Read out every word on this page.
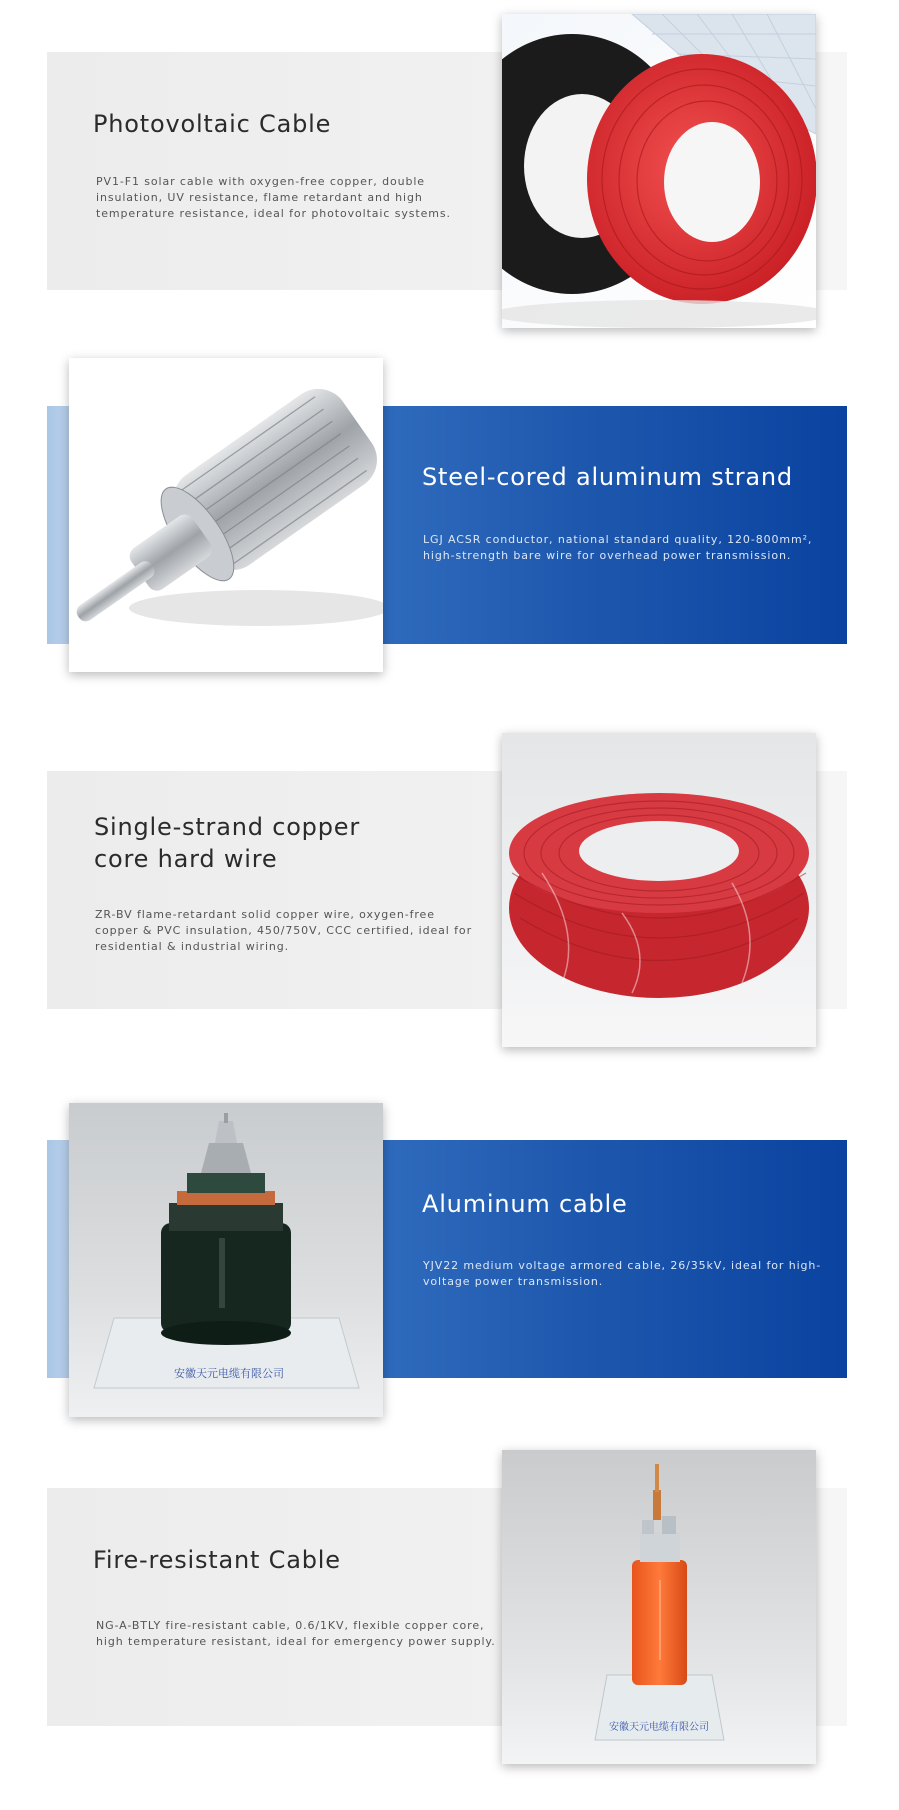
Photovoltaic Cable
PV1-F1 solar cable with oxygen-free copper, double insulation, UV resistance, flame retardant and high temperature resistance, ideal for photovoltaic systems.
Steel-cored aluminum strand
LGJ ACSR conductor, national standard quality, 120-800mm², high-strength bare wire for overhead power transmission.
Single-strand copper
core hard wire
ZR-BV flame-retardant solid copper wire, oxygen-free copper & PVC insulation, 450/750V, CCC certified, ideal for residential & industrial wiring.
安徽天元电缆有限公司
Aluminum cable
YJV22 medium voltage armored cable, 26/35kV, ideal for high-voltage power transmission.
Fire-resistant Cable
NG-A-BTLY fire-resistant cable, 0.6/1KV, flexible copper core, high temperature resistant, ideal for emergency power supply.
安徽天元电缆有限公司
